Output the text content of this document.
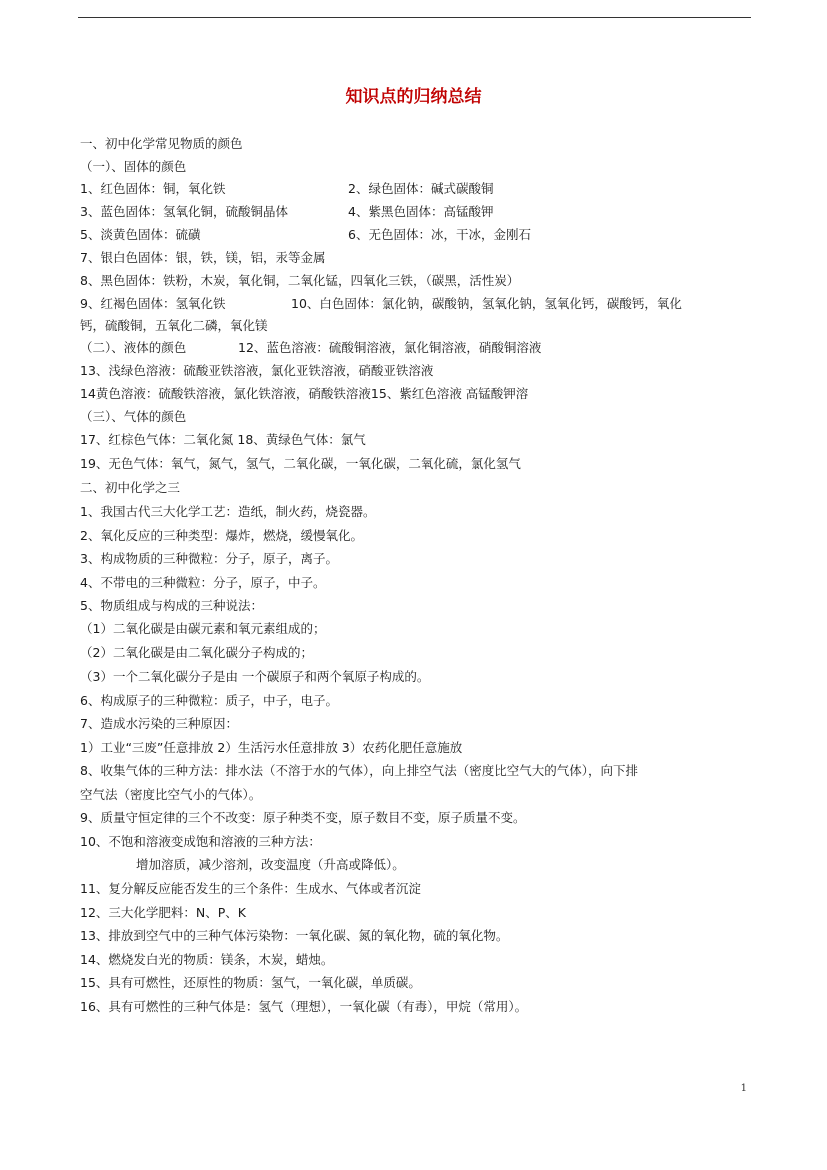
知识点的归纳总结
一、初中化学常见物质的颜色
（一）、固体的颜色
1、红色固体：铜，氧化铁	2、绿色固体：碱式碳酸铜
3、蓝色固体：氢氧化铜，硫酸铜晶体	4、紫黑色固体：高锰酸钾
5、淡黄色固体：硫磺	6、无色固体：冰，干冰，金刚石
7、银白色固体：银，铁，镁，铝，汞等金属
8、黑色固体：铁粉，木炭，氧化铜，二氧化锰，四氧化三铁，（碳黑，活性炭）
9、红褐色固体：氢氧化铁	10、白色固体：氯化钠，碳酸钠，氢氧化钠，氢氧化钙，碳酸钙，氧化
钙，硫酸铜，五氧化二磷，氧化镁
（二）、液体的颜色	12、蓝色溶液：硫酸铜溶液，氯化铜溶液，硝酸铜溶液
13、浅绿色溶液：硫酸亚铁溶液，氯化亚铁溶液，硝酸亚铁溶液
14黄色溶液：硫酸铁溶液，氯化铁溶液，硝酸铁溶液15、紫红色溶液 高锰酸钾溶
（三）、气体的颜色
17、红棕色气体：二氧化氮 18、黄绿色气体：氯气
19、无色气体：氧气，氮气，氢气，二氧化碳，一氧化碳，二氧化硫，氯化氢气
二、初中化学之三
1、我国古代三大化学工艺：造纸，制火药，烧瓷器。
2、氧化反应的三种类型：爆炸，燃烧，缓慢氧化。
3、构成物质的三种微粒：分子，原子，离子。
4、不带电的三种微粒：分子，原子，中子。
5、物质组成与构成的三种说法：
（1）二氧化碳是由碳元素和氧元素组成的；
（2）二氧化碳是由二氧化碳分子构成的；
（3）一个二氧化碳分子是由 一个碳原子和两个氧原子构成的。
6、构成原子的三种微粒：质子，中子，电子。
7、造成水污染的三种原因：
1）工业“三废”任意排放 2）生活污水任意排放 3）农药化肥任意施放
8、收集气体的三种方法：排水法（不溶于水的气体），向上排空气法（密度比空气大的气体），向下排
空气法（密度比空气小的气体）。
9、质量守恒定律的三个不改变：原子种类不变，原子数目不变，原子质量不变。
10、不饱和溶液变成饱和溶液的三种方法：
增加溶质，减少溶剂，改变温度（升高或降低）。
11、复分解反应能否发生的三个条件：生成水、气体或者沉淀
12、三大化学肥料：N、P、K
13、排放到空气中的三种气体污染物：一氧化碳、氮的氧化物，硫的氧化物。
14、燃烧发白光的物质：镁条，木炭，蜡烛。
15、具有可燃性，还原性的物质：氢气，一氧化碳，单质碳。
16、具有可燃性的三种气体是：氢气（理想），一氧化碳（有毒），甲烷（常用）。
1
